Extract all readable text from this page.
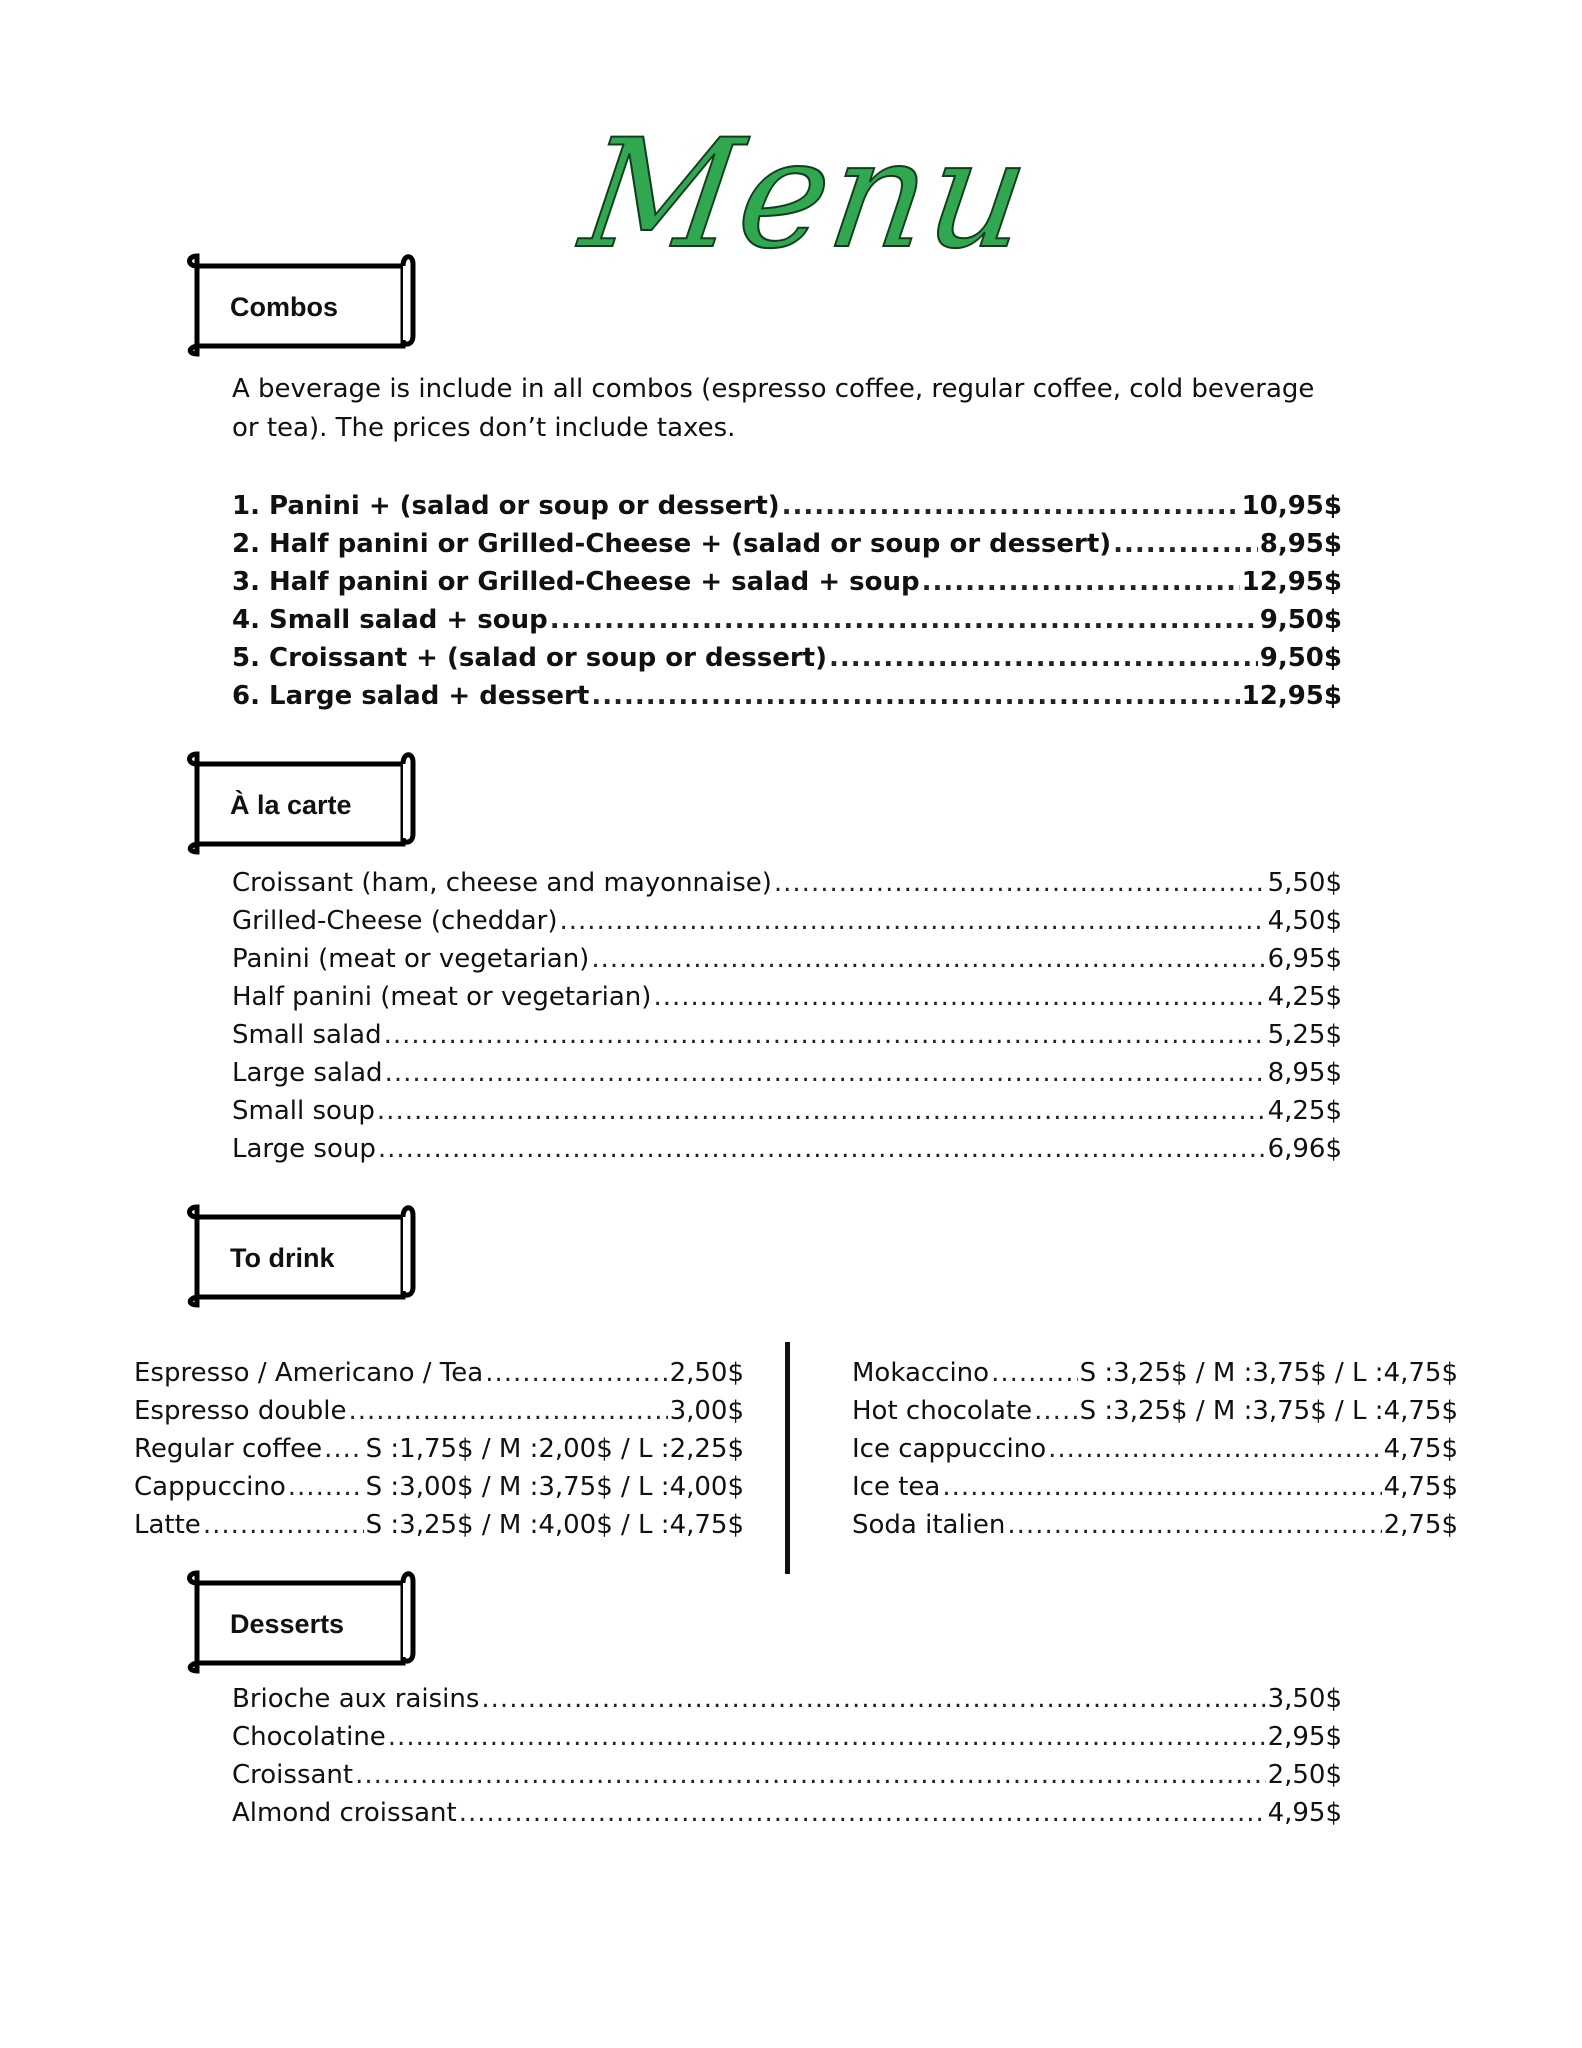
Menu
Combos
A beverage is include in all combos (espresso coffee, regular coffee, cold beverage or tea). The prices don’t include taxes.
1. Panini + (salad or soup or dessert) .....	10,95$
2. Half panini or Grilled-Cheese + (salad or soup or dessert) .....	8,95$
3. Half panini or Grilled-Cheese + salad + soup .....	12,95$
4. Small salad + soup .....	9,50$
5. Croissant + (salad or soup or dessert) .....	9,50$
6. Large salad + dessert .....	12,95$
À la carte
Croissant (ham, cheese and mayonnaise) .....	5,50$
Grilled-Cheese (cheddar) .....	4,50$
Panini (meat or vegetarian) .....	6,95$
Half panini (meat or vegetarian) .....	4,25$
Small salad .....	5,25$
Large salad .....	8,95$
Small soup .....	4,25$
Large soup .....	6,96$
To drink
Espresso / Americano / Tea .....	2,50$
Espresso double .....	3,00$
Regular coffee ..... S :1,75$ / M :2,00$ / L :2,25$
Cappuccino .....	S :3,00$ / M :3,75$ / L :4,00$
Latte .....	S :3,25$ / M :4,00$ / L :4,75$
Mokaccino .....	S :3,25$ / M :3,75$ / L :4,75$
Hot chocolate ..... S :3,25$ / M :3,75$ / L :4,75$
Ice cappuccino .....	4,75$
Ice tea .....	4,75$
Soda italien .....	2,75$
Desserts
Brioche aux raisins .....	3,50$
Chocolatine .....	2,95$
Croissant .....	2,50$
Almond croissant .....	4,95$
